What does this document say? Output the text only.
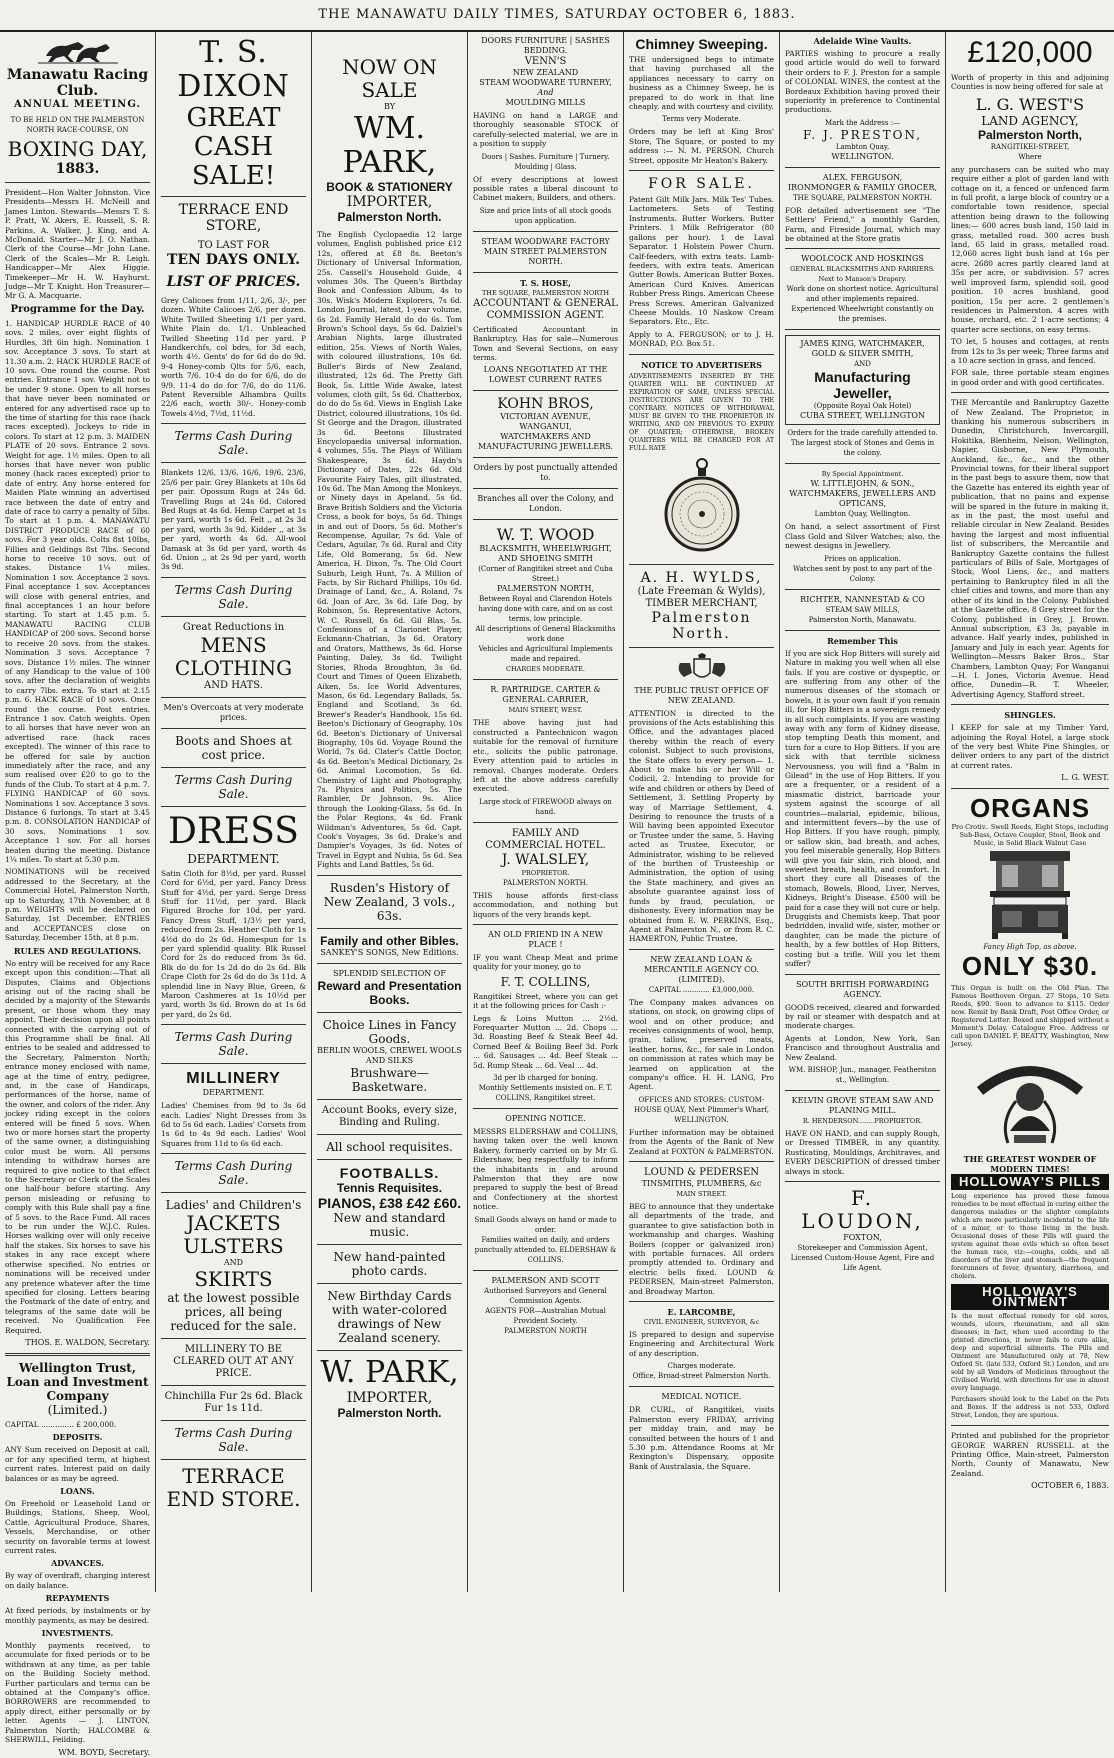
THE MANAWATU DAILY TIMES, SATURDAY OCTOBER 6, 1883.
Manawatu Racing Club.
ANNUAL MEETING.
TO BE HELD ON THE PALMERSTON NORTH RACE-COURSE, ON
BOXING DAY,
1883.
President—Hon Walter Johnston. Vice Presidents—Messrs H. McNeill and James Linton. Stewards—Messrs T. S. P. Pratt, W. Akers, E. Russell, S. R. Parkins, A. Walker, J. King, and A. McDonald. Starter—Mr J. O. Nathan. Clerk of the Course—Mr John Lane. Clerk of the Scales—Mr R. Leigh. Handicapper—Mr Alex Higgie. Timekeeper—Mr H. W. Hayhurst. Judge—Mr T. Knight. Hon Treasurer—Mr G. A. Macquarie.
Programme for the Day.
1. HANDICAP HURDLE RACE of 40 sovs. 2 miles, over eight flights of Hurdles, 3ft 6in high. Nomination 1 sov. Acceptance 3 sovs. To start at 11.30 a.m. 2. HACK HURDLE RACE of 10 sovs. One round the course. Post entries. Entrance 1 sov. Weight not to be under 9 stone. Open to all horses that have never been nominated or entered for any advertised race up to the time of starting for this race (hack races excepted). Jockeys to ride in colors. To start at 12 p.m. 3. MAIDEN PLATE of 20 sovs. Entrance 2 sovs. Weight for age. 1½ miles. Open to all horses that have never won public money (hack races excepted) prior to date of entry. Any horse entered for Maiden Plate winning an advertised race between the date of entry and date of race to carry a penalty of 5lbs. To start at 1 p.m. 4. MANAWATU DISTRICT PRODUCE RACE of 60 sovs. For 3 year olds. Colts 8st 10lbs, Fillies and Geldings 8st 7lbs. Second horse to receive 10 sovs. out of stakes. Distance 1¼ miles. Nomination 1 sov. Acceptance 2 sovs. Final acceptance 1 sov. Acceptances will close with general entries, and final acceptances 1 an hour before starting. To start at 1.45 p.m. 5. MANAWATU RACING CLUB HANDICAP of 200 sovs. Second horse to receive 20 sovs. from the stakes. Nomination 3 sovs. Acceptance 7 sovs. Distance 1½ miles. The winner of any Handicap to the value of 100 sovs. after the declaration of weights to carry 7lbs. extra. To start at 2.15 p.m. 6. HACK RACE of 10 sovs. Once round the course. Post entries. Entrance 1 sov. Catch weights. Open to all horses that have never won an advertised race (hack races excepted). The winner of this race to be offered for sale by auction immediately after the race, and any sum realised over £20 to go to the funds of the Club. To start at 4 p.m. 7. FLYING HANDICAP of 60 sovs. Nominations 1 sov. Acceptance 3 sovs. Distance 6 furlongs. To start at 3.45 p.m. 8. CONSOLATION HANDICAP of 30 sovs. Nominations 1 sov. Acceptance 1 sov. For all horses beaten during the meeting. Distance 1¼ miles. To start at 5.30 p.m.
NOMINATIONS will be received addressed to the Secretary, at the Commercial Hotel, Palmerston North, up to Saturday, 17th November, at 8 p.m. WEIGHTS will be declared on Saturday, 1st December. ENTRIES and ACCEPTANCES close on Saturday, December 15th, at 8 p.m.
RULES AND REGULATIONS.
No entry will be received for any Race except upon this condition:—That all Disputes, Claims and Objections arising out of the racing shall be decided by a majority of the Stewards present, or those whom they may appoint. Their decision upon all points connected with the carrying out of this Programme shall be final. All entries to be sealed and addressed to the Secretary, Palmerston North; entrance money enclosed with name, age at the time of entry, pedigree, and, in the case of Handicaps, performances of the horse, name of the owner, and colors of the rider. Any jockey riding except in the colors entered will be fined 5 sovs. When two or more horses start the property of the same owner, a distinguishing color must be worn. All persons intending to withdraw horses are required to give notice to that effect to the Secretary or Clerk of the Scales one half-hour before starting. Any person misleading or refusing to comply with this Rule shall pay a fine of 5 sovs. to the Race Fund. All races to be run under the W.J.C. Rules. Horses walking over will only receive half the stakes. Six horses to save his stakes in any race except where otherwise specified. No entries or nominations will be received under any pretence whatever after the time specified for closing. Letters bearing the Postmark of the date of entry, and telegrams of the same date will be received. No Qualification Fee Required.
THOS. E. WALDON, Secretary.
Wellington Trust, Loan and Investment Company
(Limited.)
CAPITAL .............. £ 200,000.
DEPOSITS.
ANY Sum received on Deposit at call, or for any specified term, at highest current rates. Interest paid on daily balances or as may be agreed.
LOANS.
On Freehold or Leasehold Land or Buildings, Stations, Sheep, Wool, Cattle, Agricultural Produce, Shares, Vessels, Merchandise, or other security on favorable terms at lowest current rates.
ADVANCES.
By way of overdraft, charging interest on daily balance.
REPAYMENTS
At fixed periods, by instalments or by monthly payments, as may be desired.
INVESTMENTS.
Monthly payments received, to accumulate for fixed periods or to be withdrawn at any time, as per table on the Building Society method. Further particulars and terms can be obtained at the Company's office. BORROWERS are recommended to apply direct, either personally or by letter. Agents — J. LINTON, Palmerston North; HALCOMBE & SHERWILL, Feilding.
WM. BOYD, Secretary.
T. S. DIXON
GREAT CASH SALE!
TERRACE END STORE,
TO LAST FOR
TEN DAYS ONLY.
LIST OF PRICES.
Grey Calicoes from 1/11, 2/6, 3/-, per dozen. White Calicoes 2/6, per dozen. White Twilled Sheeting 1/1 per yard. White Plain do. 1/1. Unbleached Twilled Sheeting 11d per yard. P Handkerchfs, col bdrs, for 3d each, worth 4½. Gents' do for 6d do do 9d. 9-4 Honey-comb Qlts for 5/6, each, worth 7/6. 10-4 do do for 6/6, do do 9/9. 11-4 do do for 7/6, do do 11/6. Patent Reversible Alhambra Quilts 22/6 each, worth 30/-. Honey-comb Towels 4½d, 7½d, 11½d.
Terms Cash During Sale.
Blankets 12/6, 13/6, 16/6, 19/6, 23/6, 25/6 per pair. Grey Blankets at 10s 6d per pair. Opossum Rugs at 24s 6d. Travelling Rugs at 24s 6d. Colored Bed Rugs at 4s 6d. Hemp Carpet at 1s per yard, worth 1s 6d. Felt ,, at 2s 3d per yard, worth 3s 9d. Kidder ,, at 3s per yard, worth 4s 6d. All-wool Damask at 3s 6d per yard, worth 4s 6d. Union ,, at 2s 9d per yard, worth 3s 9d.
Terms Cash During Sale.
Great Reductions in
MENS CLOTHING
AND HATS.
Men's Overcoats at very moderate prices.
Boots and Shoes at cost price.
Terms Cash During Sale.
DRESS
DEPARTMENT.
Satin Cloth for 8½d, per yard. Russel Cord for 6½d, per yard. Fancy Dress Stuff for 4½d, per yard. Serge Dress Stuff for 11½d, per yard. Black Figured Broche for 10d, per yard. Fancy Dress Stuff, 1/3½ per yard, reduced from 2s. Heather Cloth for 1s 4½d do do 2s 6d. Homespun for 1s per yard splendid quality. Blk Russel Cord for 2s do reduced from 3s 6d. Blk do do for 1s 2d do do 2s 6d. Blk Crape Cloth for 2s 6d do do 3s 11d. A splendid line in Navy Blue, Green, & Maroon Cashmeres at 1s 10½d per yard, worth 3s 6d. Brown do at 1s 6d per yard, do 2s 6d.
Terms Cash During Sale.
MILLINERY
DEPARTMENT.
Ladies' Chemises from 9d to 3s 6d each. Ladies' Night Dresses from 3s 6d to 5s 6d each. Ladies' Corsets from 1s 6d to 4s 9d each. Ladies' Wool Squares from 11d to 6s 6d each.
Terms Cash During Sale.
Ladies' and Children's
JACKETS
ULSTERS
AND
SKIRTS
at the lowest possible prices, all being reduced for the sale.
MILLINERY TO BE CLEARED OUT AT ANY PRICE.
Chinchilla Fur 2s 6d. Black Fur 1s 11d.
Terms Cash During Sale.
TERRACE END STORE.
NOW ON SALE
BY
WM. PARK,
BOOK & STATIONERY
IMPORTER,
Palmerston North.
The English Cyclopaedia 12 large volumes, English published price £12 12s, offered at £8 8s. Beeton's Dictionary of Universal Information, 25s. Cassell's Household Guide, 4 volumes 30s. The Queen's Birthday Book and Confession Album, 4s to 30s. Wisk's Modern Explorers, 7s 6d. London Journal, latest, 1-year volume, 6s 2d. Family Herald do do 6s. Tom Brown's School days, 5s 6d. Dalziel's Arabian Nights, large illustrated edition, 25s. Views of North Wales, with coloured illustrations, 10s 6d. Buller's Birds of New Zealand, illustrated, 12s 6d. The Pretty Gift Book, 5s. Little Wide Awake, latest volumes, cloth gilt, 5s 6d. Chatterbox, do do do 5s 6d. Views in English Lake District, coloured illustrations, 10s 6d. St George and the Dragon, illustrated 3s 6d. Beetons Illustrated Encyclopaedia universal information, 4 volumes, 55s. The Plays of William Shakespeare, 3s 6d. Haydn's Dictionary of Dates, 22s 6d. Old Favourite Fairy Tales, gilt illustrated, 10s 6d. The Man Among the Monkeys, or Ninety days in Apeland, 5s 6d. Brave British Soldiers and the Victoria Cross, a book for boys, 5s 6d. Things in and out of Doors, 5s 6d. Mother's Recompense, Aguilar, 7s 6d. Vale of Cedars, Aguilar, 7s 6d. Rural and City Life, Old Bomerang, 5s 6d. New America, H. Dixon, 7s. The Old Court Suburb, Leigh Hunt, 7s. A Million of Facts, by Sir Richard Phillips, 10s 6d. Drainage of Land, &c., A. Roland, 7s 6d. Joan of Arc, 3s 6d. Life Dog, by Robinson, 5s. Representative Actors, W. C. Russell, 6s 6d. Gil Blas, 5s. Confessions of a Clarionet Player, Eckmann-Chatrian, 3s 6d. Oratory and Orators, Matthews, 3s 6d. Horse Painting, Daley, 3s 6d. Twilight Stories, Rhoda Broughton, 3s 6d. Court and Times of Queen Elizabeth, Aiken, 5s. Ice World Adventures, Mason, 6s 6d. Legendary Ballads, 5s. England and Scotland, 3s 6d. Brewer's Reader's Handbook, 15s 6d. Beeton's Dictionary of Geography, 10s 6d. Beeton's Dictionary of Universal Biography, 10s 6d. Voyage Round the World, 7s 6d. Clater's Cattle Doctor, 4s 6d. Beeton's Medical Dictionary, 2s 6d. Animal Locomotion, 5s 6d. Chemistry of Light and Photography, 7s. Physics and Politics, 5s. The Rambler, Dr Johnson, 9s. Alice through the Looking-Glass, 5s 6d. In the Polar Regions, 4s 6d. Frank Wildman's Adventures, 5s 6d. Capt. Cook's Voyages, 3s 6d. Drake's and Dampier's Voyages, 3s 6d. Notes of Travel in Egypt and Nubia, 5s 6d. Sea Fights and Land Battles, 5s 6d.
Rusden's History of New Zealand, 3 vols., 63s.
Family and other Bibles.
SANKEY'S SONGS, New Editions.
SPLENDID SELECTION OF
Reward and Presentation Books.
Choice Lines in Fancy Goods.
BERLIN WOOLS, CREWEL WOOLS AND SILKS
Brushware—Basketware.
Account Books, every size, Binding and Ruling.
All school requisites.
FOOTBALLS.
Tennis Requisites.
PIANOS, £38 £42 £60.
New and standard music.
New hand-painted photo cards.
New Birthday Cards with water-colored drawings of New Zealand scenery.
W. PARK,
IMPORTER,
Palmerston North.
DOORS FURNITURE | SASHES BEDDING.
VENN'S
NEW ZEALAND
STEAM WOODWARE TURNERY,
And
MOULDING MILLS
HAVING on hand a LARGE and thoroughly seasonable STOCK of carefully-selected material, we are in a position to supply
Doors | Sashes. Furniture | Turnery. Moulding | Glass.
Of every descriptions at lowest possible rates a liberal discount to Cabinet makers, Builders, and others.
Size and price lists of all stock goods upon application.
STEAM WOODWARE FACTORY MAIN STREET PALMERSTON NORTH.
T. S. HOSE,
THE SQUARE, PALMERSTON NORTH
ACCOUNTANT & GENERAL COMMISSION AGENT.
Certificated Accountant in Bankruptcy. Has for sale—Numerous Town and Several Sections, on easy terms.
LOANS NEGOTIATED AT THE LOWEST CURRENT RATES
KOHN BROS,
VICTORIAN AVENUE, WANGANUI,
WATCHMAKERS AND MANUFACTURING JEWELLERS.
Orders by post punctually attended to.
Branches all over the Colony, and London.
W. T. WOOD
BLACKSMITH, WHEELWRIGHT, AND SHOEING SMITH
(Corner of Rangitikei street and Cuba Street.)
PALMERSTON NORTH,
Between Royal and Clarendon Hotels
having done with care, and on as cost terms, low principle.
All descriptions of General Blacksmiths work done
Vehicles and Agricultural Implements made and repaired.
CHARGES MODERATE.
R. PARTRIDGE. CARTER & GENERAL CARRIER,
MAIN STREET, WEST.
THE above having just had constructed a Pantechnicon wagon suitable for the removal of furniture etc., solicits the public patronage. Every attention paid to articles in removal. Charges moderate. Orders left at the above address carefully executed.
Large stock of FIREWOOD always on hand.
FAMILY AND COMMERCIAL HOTEL.
J. WALSLEY,
PROPRIETOR.
PALMERSTON NORTH.
THIS house affords first-class accommodation, and nothing but liquors of the very brands kept.
AN OLD FRIEND IN A NEW PLACE !
IF you want Cheap Meat and prime quality for your money, go to
F. T. COLLINS,
Rangitikei Street, where you can get it at the following prices for Cash :-
Legs & Loins Mutton ... 2½d. Forequarter Mutton ... 2d. Chops ... 3d. Roasting Beef & Steak Beef 4d. Corned Beef & Boiling Beef 3d. Pork ... 6d. Sausages ... 4d. Beef Steak ... 5d. Rump Steak ... 6d. Veal ... 4d.
3d per lb charged for boning.
Monthly Settlements insisted on. F. T. COLLINS, Rangitikei street.
OPENING NOTICE.
MESSRS ELDERSHAW and COLLINS, having taken over the well known Bakery, formerly carried on by Mr G. Eldershaw, beg respectfully to inform the inhabitants in and around Palmerston that they are now prepared to supply the best of Bread and Confectionery at the shortest notice.
Small Goods always on hand or made to order.
Families waited on daily, and orders punctually attended to. ELDERSHAW & COLLINS.
PALMERSON AND SCOTT
Authorised Surveyors and General Commission Agents.
AGENTS FOR—Australian Mutual Provident Society.
PALMERSTON NORTH
Chimney Sweeping.
THE undersigned begs to intimate that having purchased all the appliances necessary to carry on business as a Chimney Sweep, he is prepared to do work in that line cheaply, and with courtesy and civility.
Terms very Moderate.
Orders may be left at King Bros' Store, The Square, or posted to my address :— N. M. PERSON, Church Street, opposite Mr Heaton's Bakery.
FOR SALE.
Patent Gilt Milk Jars. Milk Tes' Tubes. Lactometers. Sets of Testing Instruments. Butter Workers. Butter Printers. 1 Milk Refrigerator (80 gallons per hour). 1 de Laval Separator. 1 Holstein Power Churn. Calf-feeders, with extra teats. Lamb-feeders, with extra teats. American Gutter Bowls. American Butter Boxes. American Curd Knives. American Rubber Press Rings. American Cheese Press Screws. American Galvanized Cheese Moulds. 10 Naskow Cream Separators. Etc., Etc.
Apply to A. FERGUSON; or to J. H. MONRAD, P.O. Box 51.
NOTICE TO ADVERTISERS
ADVERTISEMENTS INSERTED BY THE QUARTER WILL BE CONTINUED AT EXPIRATION OF SAME, UNLESS SPECIAL INSTRUCTIONS ARE GIVEN TO THE CONTRARY. NOTICES OF WITHDRAWAL MUST BE GIVEN TO THE PROPRIETOR IN WRITING, AND ON PREVIOUS TO EXPIRY OF QUARTER; OTHERWISE, BROKEN QUARTERS WILL BE CHARGED FOR AT FULL RATE
A. H. WYLDS,
(Late Freeman & Wylds),
TIMBER MERCHANT,
Palmerston North.
THE PUBLIC TRUST OFFICE OF NEW ZEALAND.
ATTENTION is directed to the provisions of the Acts establishing this Office, and the advantages placed thereby within the reach of every colonist. Subject to such provisions, the State offers to every person— 1. About to make his or her Will or Codicil, 2. Intending to provide for wife and children or others by Deed of Settlement, 3. Settling Property by way of Marriage Settlement, 4. Desiring to renounce the trusts of a Will having been appointed Executor or Trustee under the same, 5. Having acted as Trustee, Executor, or Administrator, wishing to be relieved of the burthen of Trusteeship or Administration, the option of using the State machinery, and gives an absolute guarantee against loss of funds by fraud, peculation, or dishonesty. Every information may be obtained from E. W. PERKINS, Esq., Agent at Palmerston N., or from R. C. HAMERTON, Public Trustee.
NEW ZEALAND LOAN & MERCANTILE AGENCY CO. (LIMITED).
CAPITAL ............ £3,000,000.
The Company makes advances on stations, on stock, on growing clips of wool and on other produce; and receives consignments of wool, hemp, grain, tallow, preserved meats, leather, horns, &c., for sale in London on commission at rates which may be learned on application at the company's office. H. H. LANG, Pro Agent.
OFFICES AND STORES: CUSTOM-HOUSE QUAY, Next Plimmer's Wharf, WELLINGTON.
Further information may be obtained from the Agents of the Bank of New Zealand at FOXTON & PALMERSTON.
LOUND & PEDERSEN
TINSMITHS, PLUMBERS, &c
MAIN STREET.
BEG to announce that they undertake all departments of the trade, and guarantee to give satisfaction both in workmanship and charges. Washing Boilers (copper or galvanized iron) with portable furnaces. All orders promptly attended to. Ordinary and electric bells fixed. LOUND & PEDERSEN, Main-street Palmerston, and Broadway Marton.
E. LARCOMBE,
CIVIL ENGINEER, SURVEYOR, &c
IS prepared to design and supervise Engineering and Architectural Work of any description.
Charges moderate.
Office, Broad-street Palmerston North.
MEDICAL NOTICE.
DR CURL, of Rangitikei, visits Palmerston every FRIDAY, arriving per midday train, and may be consulted between the hours of 1 and 5.30 p.m. Attendance Rooms at Mr Rexington's Dispensary, opposite Bank of Australasia, the Square.
Adelaide Wine Vaults.
PARTIES wishing to procure a really good article would do well to forward their orders to F. J. Preston for a sample of COLONIAL WINES, the contest at the Bordeaux Exhibition having proved their superiority in preference to Continental productions.
Mark the Address :—
F. J. PRESTON,
Lambton Quay,
WELLINGTON.
ALEX. FERGUSON,
IRONMONGER & FAMILY GROCER,
THE SQUARE, PALMERSTON NORTH.
FOR detailed advertisement see "The Settlers' Friend," a monthly Garden, Farm, and Fireside Journal, which may be obtained at the Store gratis
WOOLCOCK AND HOSKINGS
GENERAL BLACKSMITHS AND FARRIERS. Next to Manson's Drapery.
Work done on shortest notice. Agricultural and other implements repaired.
Experienced Wheelwright constantly on the premises.
JAMES KING, WATCHMAKER, GOLD & SILVER SMITH,
AND
Manufacturing Jeweller,
(Opposite Royal Oak Hotel)
CUBA STREET, WELLINGTON
Orders for the trade carefully attended to.
The largest stock of Stones and Gems in the colony.
By Special Appointment.
W. LITTLEJOHN, & SON.,
WATCHMAKERS, JEWELLERS AND OPTICANS,
Lambton Quay, Wellington.
On hand, a select assortment of First Class Gold and Silver Watches; also, the newest designs in Jewellery.
Prices on application.
Watches sent by post to any part of the Colony.
RICHTER, NANNESTAD & CO
STEAM SAW MILLS,
Palmerston North, Manawatu.
Remember This
If you are sick Hop Bitters will surely aid Nature in making you well when all else fails. If you are costive or dyspeptic, or are suffering from any other of the numerous diseases of the stomach or bowels, it is your own fault if you remain ill, for Hop Bitters is a sovereign remedy in all such complaints. If you are wasting away with any form of Kidney disease, stop tempting Death this moment, and turn for a cure to Hop Bitters. If you are sick with that terrible sickness Nervousness, you will find a "Balm in Gilead" in the use of Hop Bitters. If you are a frequenter, or a resident of a miasmatic district, barricade your system against the scourge of all countries—malarial, epidemic, bilious, and intermittent fevers—by the use of Hop Bitters. If you have rough, pimply, or sallow skin, bad breath, and aches, you feel miserable generally, Hop Bitters will give you fair skin, rich blood, and sweetest breath, health, and comfort. In short they cure all Diseases of the stomach, Bowels, Blood, Liver, Nerves, Kidneys, Bright's Disease. £500 will be paid for a case they will not cure or help. Druggists and Chemists keep. That poor bedridden, invalid wife, sister, mother or daughter, can be made the picture of health, by a few bottles of Hop Bitters, costing but a trifle. Will you let them suffer?
SOUTH BRITISH FORWARDING AGENCY.
GOODS received, cleared and forwarded by rail or steamer with despatch and at moderate charges.
Agents at London, New York, San Francisco and throughout Australia and New Zealand.
WM. BISHOP, Jun., manager, Featherston st., Wellington.
KELVIN GROVE STEAM SAW AND PLANING MILL.
R. HENDERSON........PROPRIETOR.
HAVE ON HAND, and can supply Rough, or Dressed TIMBER, in any quantity. Rusticating, Mouldings, Architraves, and EVERY DESCRIPTION of dressed timber always in stock.
F. LOUDON,
FOXTON,
Storekeeper and Commission Agent, Licensed Custom-House Agent, Fire and Life Agent.
£120,000
Worth of property in this and adjoining Counties is now being offered for sale at
L. G. WEST'S
LAND AGENCY,
Palmerston North,
RANGITIKEI-STREET,
Where
any purchasers can be suited who may require either a plot of garden land with cottage on it, a fenced or unfenced farm in full profit, a large block of country or a comfortable town residence, special attention being drawn to the following lines;— 600 acres bush land, 150 laid in grass, metalled road. 300 acres bush land, 65 laid in grass, metalled road. 12,060 acres light bush land at 16s per acre. 2680 acres partly cleared land at 35s per acre, or subdivision. 57 acres well improved farm, splendid soil, good position. 10 acres bushland, good position, 15s per acre. 2 gentlemen's residences in Palmerston. 4 acres with house, orchard, etc. 2 1-acre sections; 4 quarter acre sections, on easy terms.
TO let, 5 houses and cottages, at rents from 12s to 3s per week; Three farms and a 10 acre section in grass, and fenced.
FOR sale, three portable steam engines in good order and with good certificates.
THE Mercantile and Bankruptcy Gazette of New Zealand. The Proprietor, in thanking his numerous subscribers in Dunedin, Christchurch, Invercargill, Hokitika, Blenheim, Nelson, Wellington, Napier, Gisborne, New Plymouth, Auckland, &c., &c., and the other Provincial towns, for their liberal support in the past begs to assure them, now that the Gazette has entered its eighth year of publication, that no pains and expense will be spared in the future in making it, as in the past, the most useful and reliable circular in New Zealand. Besides having the largest and most influential list of subscribers, the Mercantile and Bankruptcy Gazette contains the fullest particulars of Bills of Sale, Mortgages of Stock, Wool Liens, &c., and matters pertaining to Bankruptcy filed in all the chief cities and towns, and more than any other of its kind in the Colony. Published at the Gazette office, 8 Grey street for the Colony, published in Grey, J. Brown. Annual subscription, £3 3s, payable in advance. Half yearly index, published in January and July in each year. Agents for Wellington—Messrs Baker Bros., Star Chambers, Lambton Quay; For Wanganui—H. I. Jones, Victoria Avenue. Head office, Dunedin—R. T. Wheeler, Advertising Agency, Stafford street.
SHINGLES.
I KEEP for sale at my Timber Yard, adjoining the Royal Hotel, a large stock of the very best White Pine Shingles, or deliver orders to any part of the district at current rates.
L. G. WEST.
ORGANS
Pro Crotiv.. Swell Reeds, Eight Stops, including Sub-Bass, Octave Coupler, Stool, Book and Music, in Solid Black Walnut Case
Fancy High Top, as above.
ONLY $30.
This Organ is built on the Old Plan. The Famous Beethoven Organ. 27 Stops, 10 Sets Reeds, $90. Soon to advance to $115. Order now. Remit by Bank Draft, Post Office Order, or Registered Letter. Boxed and shipped without a Moment's Delay. Catalogue Free. Address or call upon DANIEL F. BEATTY, Washington, New Jersey.
THE GREATEST WONDER OF MODERN TIMES!
HOLLOWAY'S PILLS
Long experience has proved these famous remedies to be most effectual in curing either the dangerous maladies or the slighter complaints which are more particularly incidental to the life of a miner, or to those living in the bush. Occasional doses of these Pills will guard the system against those evils which so often beset the human race, viz:—coughs, colds, and all disorders of the liver and stomach—the frequent forerunners of fever, dysentery, diarrhoea, and cholera.
HOLLOWAY'S OINTMENT
Is the most effectual remedy for old sores, wounds, ulcers, rheumatism, and all skin diseases; in fact, when used according to the printed directions, it never fails to cure alike, deep and superficial ailments. The Pills and Ointment are Manufactured only at 78, New Oxford St. (late 533, Oxford St.) London, and are sold by all Vendors of Medicines throughout the Civilised World, with directions for use in almost every language.
Purchasers should look to the Label on the Pots and Boxes. If the address is not 533, Oxford Street, London, they are spurious.
Printed and published for the proprietor GEORGE WARREN RUSSELL at the Printing Office, Main-street, Palmerston North, County of Manawatu, New Zealand.
OCTOBER 6, 1883.
